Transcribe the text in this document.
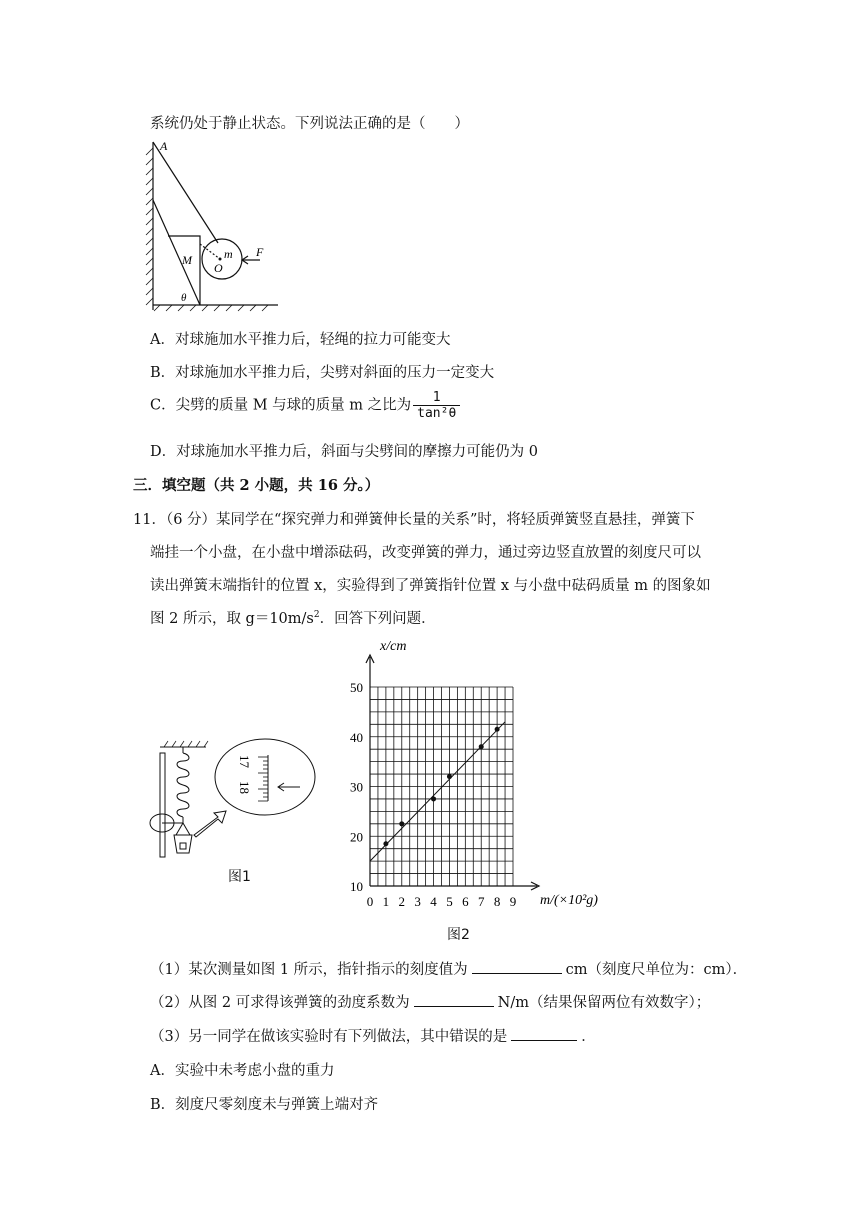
系统仍处于静止状态。下列说法正确的是（　　）
A
M	m
O
F
θ
A．对球施加水平推力后，轻绳的拉力可能变大
B．对球施加水平推力后，尖劈对斜面的压力一定变大
C．尖劈的质量 M 与球的质量 m 之比为 $\frac{1}{\text{tan²θ}}$
D．对球施加水平推力后，斜面与尖劈间的摩擦力可能仍为 0
三．填空题（共 2 小题，共 16 分。）
11．（6 分）某同学在“探究弹力和弹簧伸长量的关系”时，将轻质弹簧竖直悬挂，弹簧下
端挂一个小盘，在小盘中增添砝码，改变弹簧的弹力，通过旁边竖直放置的刻度尺可以
读出弹簧末端指针的位置 x，实验得到了弹簧指针位置 x 与小盘中砝码质量 m 的图象如
图 2 所示，取 $g=10m/s^2$．回答下列问题．
17
18
图1
0 1 2 3 4 5 6 7 8 9
10
20
30
40
50
x/cm
m/(×10²g)
图2
（1）某次测量如图 1 所示，指针指示的刻度值为	cm（刻度尺单位为：cm）．
（2）从图 2 可求得该弹簧的劲度系数为	N/m（结果保留两位有效数字）；
（3）另一同学在做该实验时有下列做法，其中错误的是	．
A．实验中未考虑小盘的重力
B．刻度尺零刻度未与弹簧上端对齐
